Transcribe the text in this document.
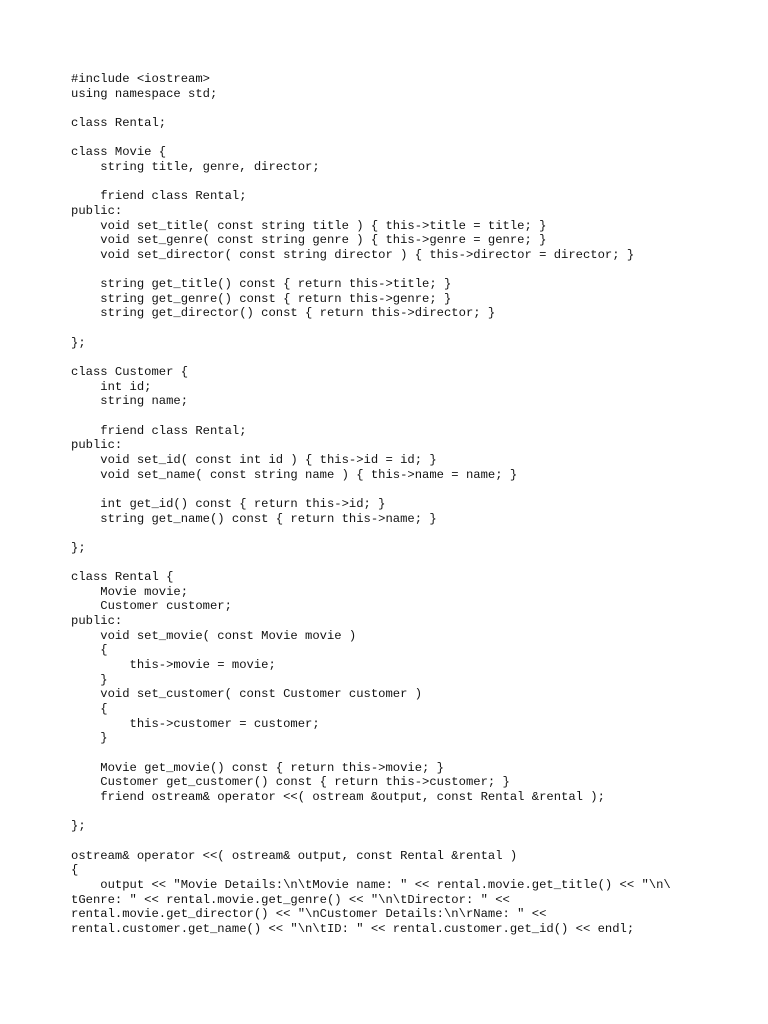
#include <iostream>
using namespace std;
class Rental;
class Movie {
string title, genre, director;
friend class Rental;
public:
void set_title( const string title ) { this->title = title; }
void set_genre( const string genre ) { this->genre = genre; }
void set_director( const string director ) { this->director = director; }
string get_title() const { return this->title; }
string get_genre() const { return this->genre; }
string get_director() const { return this->director; }
};
class Customer {
int id;
string name;
friend class Rental;
public:
void set_id( const int id ) { this->id = id; }
void set_name( const string name ) { this->name = name; }
int get_id() const { return this->id; }
string get_name() const { return this->name; }
};
class Rental {
Movie movie;
Customer customer;
public:
void set_movie( const Movie movie )
{
this->movie = movie;
}
void set_customer( const Customer customer )
{
this->customer = customer;
}
Movie get_movie() const { return this->movie; }
Customer get_customer() const { return this->customer; }
friend ostream& operator <<( ostream &output, const Rental &rental );
};
ostream& operator <<( ostream& output, const Rental &rental )
{
output << "Movie Details:\n\tMovie name: " << rental.movie.get_title() << "\n\
tGenre: " << rental.movie.get_genre() << "\n\tDirector: " <<
rental.movie.get_director() << "\nCustomer Details:\n\rName: " <<
rental.customer.get_name() << "\n\tID: " << rental.customer.get_id() << endl;
